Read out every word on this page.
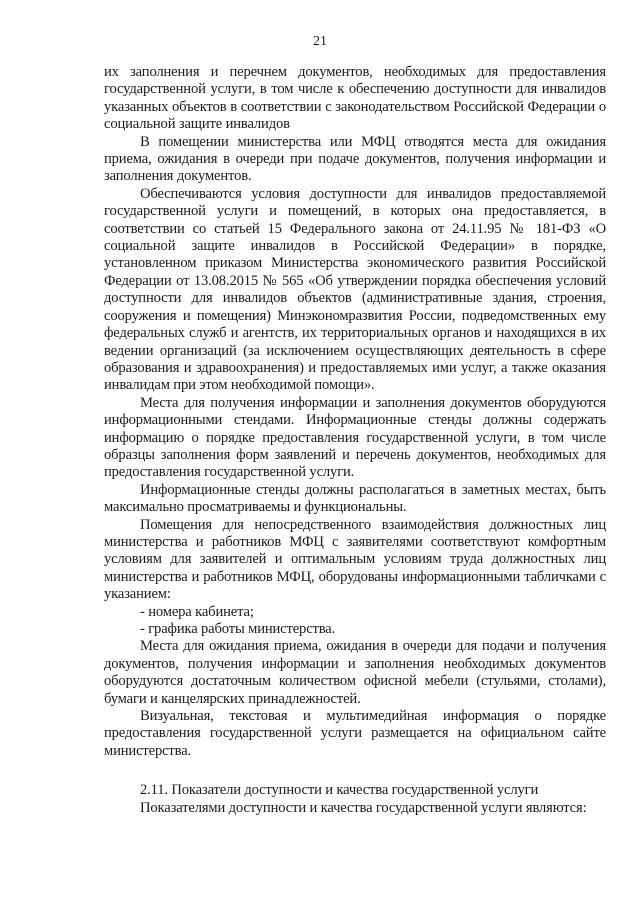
21

их заполнения и перечнем документов, необходимых для предоставления государственной услуги, в том числе к обеспечению доступности для инвалидов указанных объектов в соответствии с законодательством Российской Федерации о социальной защите инвалидов

В помещении министерства или МФЦ отводятся места для ожидания приема, ожидания в очереди при подаче документов, получения информации и заполнения документов.

Обеспечиваются условия доступности для инвалидов предоставляемой государственной услуги и помещений, в которых она предоставляется, в соответствии со статьей 15 Федерального закона от 24.11.95 № 181-ФЗ «О социальной защите инвалидов в Российской Федерации» в порядке, установленном приказом Министерства экономического развития Российской Федерации от 13.08.2015 № 565 «Об утверждении порядка обеспечения условий доступности для инвалидов объектов (административные здания, строения, сооружения и помещения) Минэкономразвития России, подведомственных ему федеральных служб и агентств, их территориальных органов и находящихся в их ведении организаций (за исключением осуществляющих деятельность в сфере образования и здравоохранения) и предоставляемых ими услуг, а также оказания инвалидам при этом необходимой помощи».

Места для получения информации и заполнения документов оборудуются информационными стендами. Информационные стенды должны содержать информацию о порядке предоставления государственной услуги, в том числе образцы заполнения форм заявлений и перечень документов, необходимых для предоставления государственной услуги.

Информационные стенды должны располагаться в заметных местах, быть максимально просматриваемы и функциональны.

Помещения для непосредственного взаимодействия должностных лиц министерства и работников МФЦ с заявителями соответствуют комфортным условиям для заявителей и оптимальным условиям труда должностных лиц министерства и работников МФЦ, оборудованы информационными табличками с указанием:

- номера кабинета;

- графика работы министерства.

Места для ожидания приема, ожидания в очереди для подачи и получения документов, получения информации и заполнения необходимых документов оборудуются достаточным количеством офисной мебели (стульями, столами), бумаги и канцелярских принадлежностей.

Визуальная, текстовая и мультимедийная информация о порядке предоставления государственной услуги размещается на официальном сайте министерства.

2.11. Показатели доступности и качества государственной услуги

Показателями доступности и качества государственной услуги являются:
